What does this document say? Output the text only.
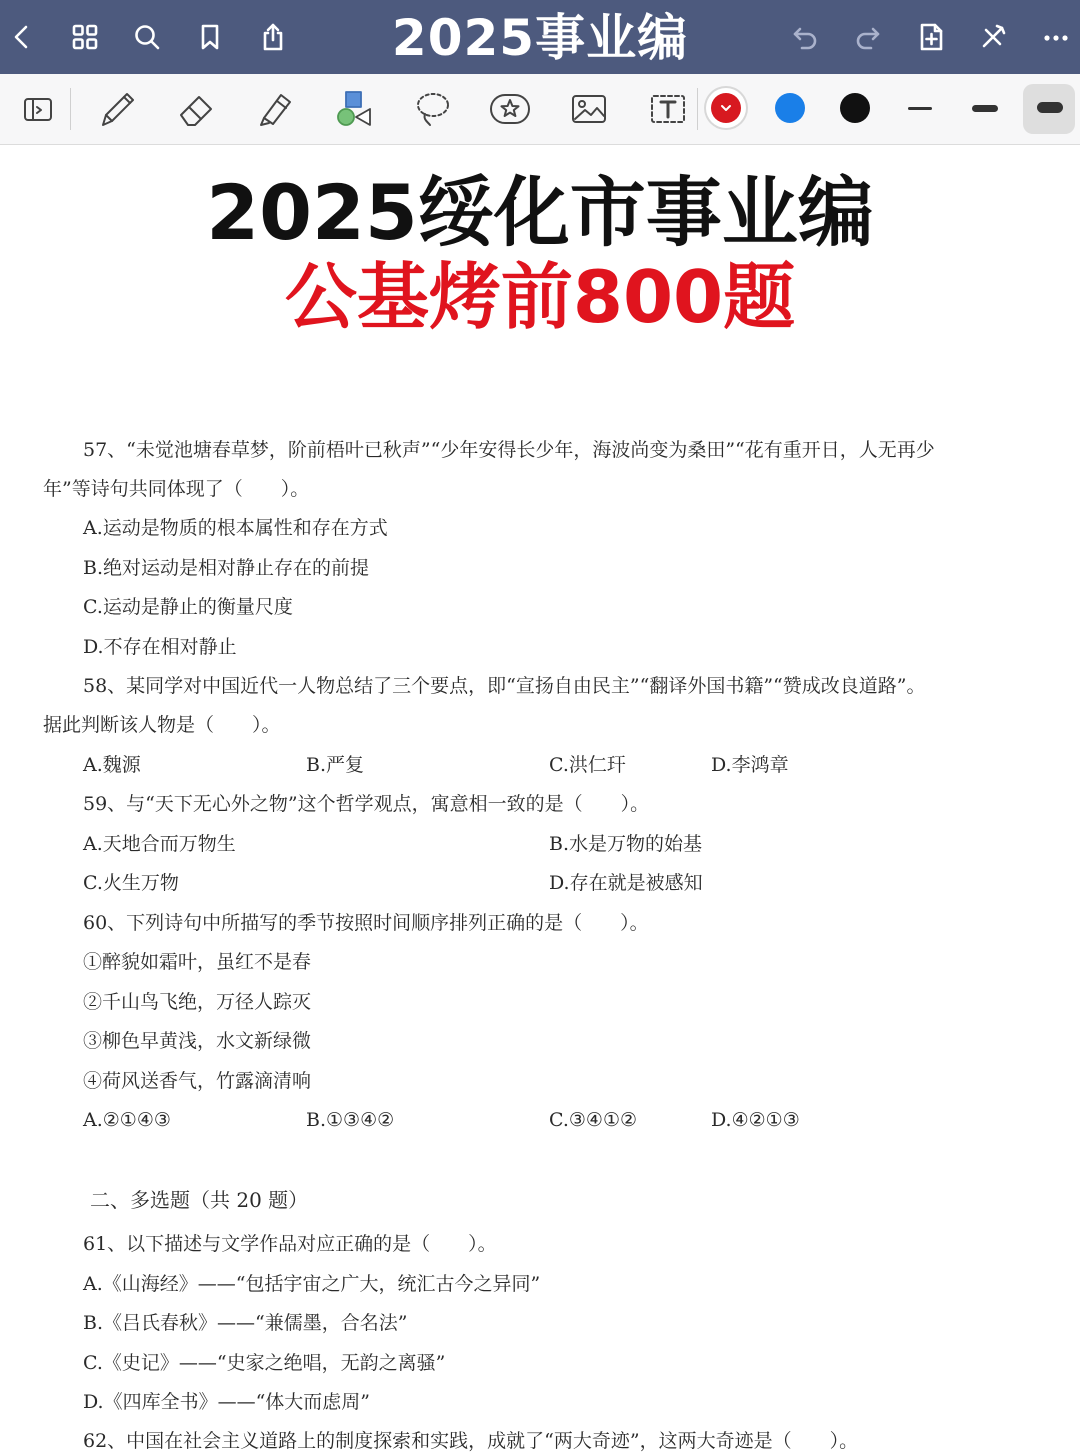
2025事业编
2025绥化市事业编
公基烤前800题
57、“未觉池塘春草梦，阶前梧叶已秋声”“少年安得长少年，海波尚变为桑田”“花有重开日，人无再少
年”等诗句共同体现了（　　）。
A.运动是物质的根本属性和存在方式
B.绝对运动是相对静止存在的前提
C.运动是静止的衡量尺度
D.不存在相对静止
58、某同学对中国近代一人物总结了三个要点，即“宣扬自由民主”“翻译外国书籍”“赞成改良道路”。
据此判断该人物是（　　）。
A.魏源	B.严复	C.洪仁玕	D.李鸿章
59、与“天下无心外之物”这个哲学观点，寓意相一致的是（　　）。
A.天地合而万物生	B.水是万物的始基
C.火生万物	D.存在就是被感知
60、下列诗句中所描写的季节按照时间顺序排列正确的是（　　）。
①醉貌如霜叶，虽红不是春
②千山鸟飞绝，万径人踪灭
③柳色早黄浅，水文新绿微
④荷风送香气，竹露滴清响
A.②①④③	B.①③④②	C.③④①②	D.④②①③
二、多选题（共 20 题）
61、以下描述与文学作品对应正确的是（　　）。
A.《山海经》——“包括宇宙之广大，统汇古今之异同”
B.《吕氏春秋》——“兼儒墨，合名法”
C.《史记》——“史家之绝唱，无韵之离骚”
D.《四库全书》——“体大而虑周”
62、中国在社会主义道路上的制度探索和实践，成就了“两大奇迹”，这两大奇迹是（　　）。
